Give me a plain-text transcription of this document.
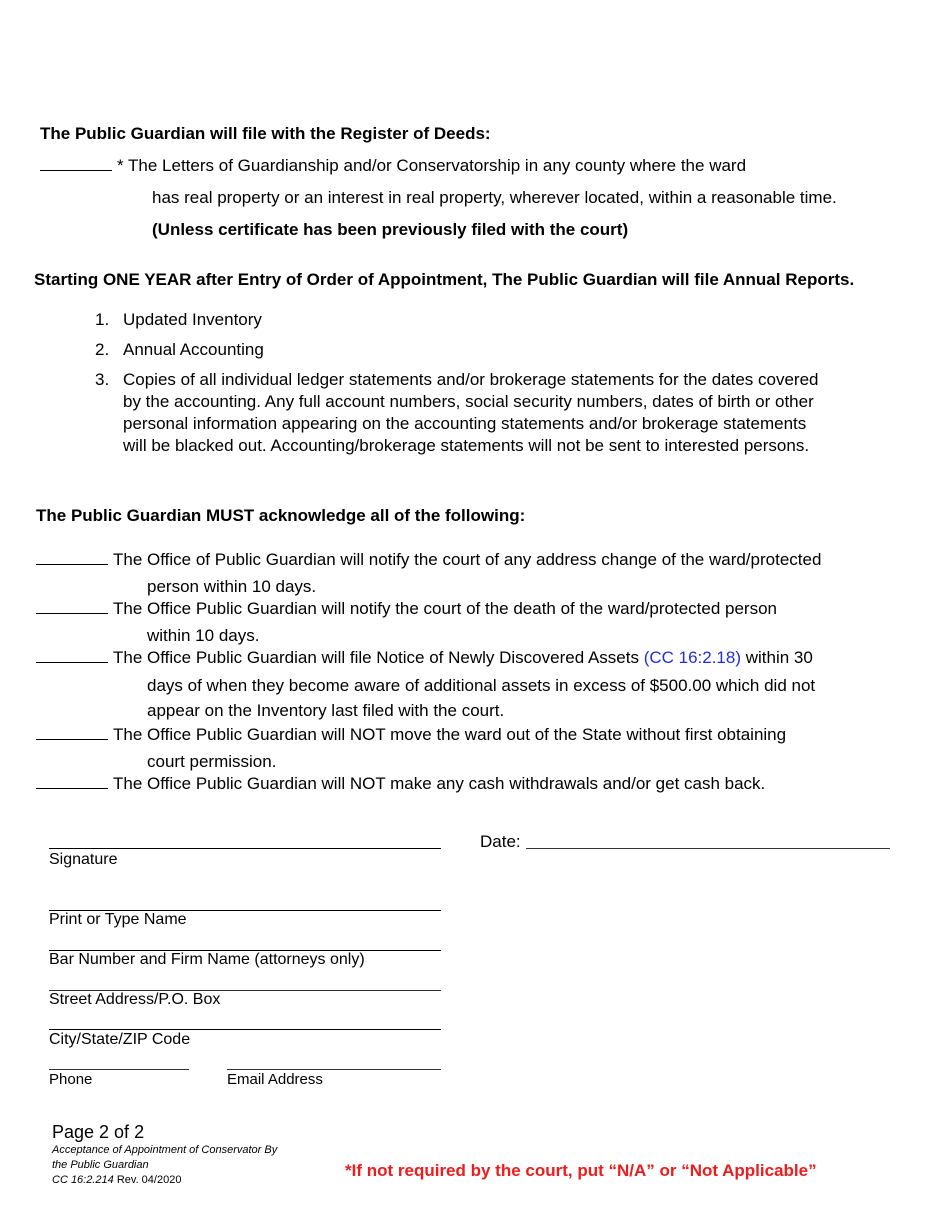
The Public Guardian will file with the Register of Deeds:
* The Letters of Guardianship and/or Conservatorship in any county where the ward
has real property or an interest in real property, wherever located, within a reasonable time.
(Unless certificate has been previously filed with the court)
Starting ONE YEAR after Entry of Order of Appointment, The Public Guardian will file Annual Reports.
1. Updated Inventory
2. Annual Accounting
3. Copies of all individual ledger statements and/or brokerage statements for the dates covered
by the accounting. Any full account numbers, social security numbers, dates of birth or other
personal information appearing on the accounting statements and/or brokerage statements
will be blacked out. Accounting/brokerage statements will not be sent to interested persons.
The Public Guardian MUST acknowledge all of the following:
The Office of Public Guardian will notify the court of any address change of the ward/protected
person within 10 days.
The Office Public Guardian will notify the court of the death of the ward/protected person
within 10 days.
The Office Public Guardian will file Notice of Newly Discovered Assets (CC 16:2.18) within 30
days of when they become aware of additional assets in excess of $500.00 which did not
appear on the Inventory last filed with the court.
The Office Public Guardian will NOT move the ward out of the State without first obtaining
court permission.
The Office Public Guardian will NOT make any cash withdrawals and/or get cash back.
Signature
Date:
Print or Type Name
Bar Number and Firm Name (attorneys only)
Street Address/P.O. Box
City/State/ZIP Code
Phone	Email Address
Page 2 of 2
Acceptance of Appointment of Conservator By
the Public Guardian
CC 16:2.214 Rev. 04/2020	*If not required by the court, put “N/A” or “Not Applicable”
